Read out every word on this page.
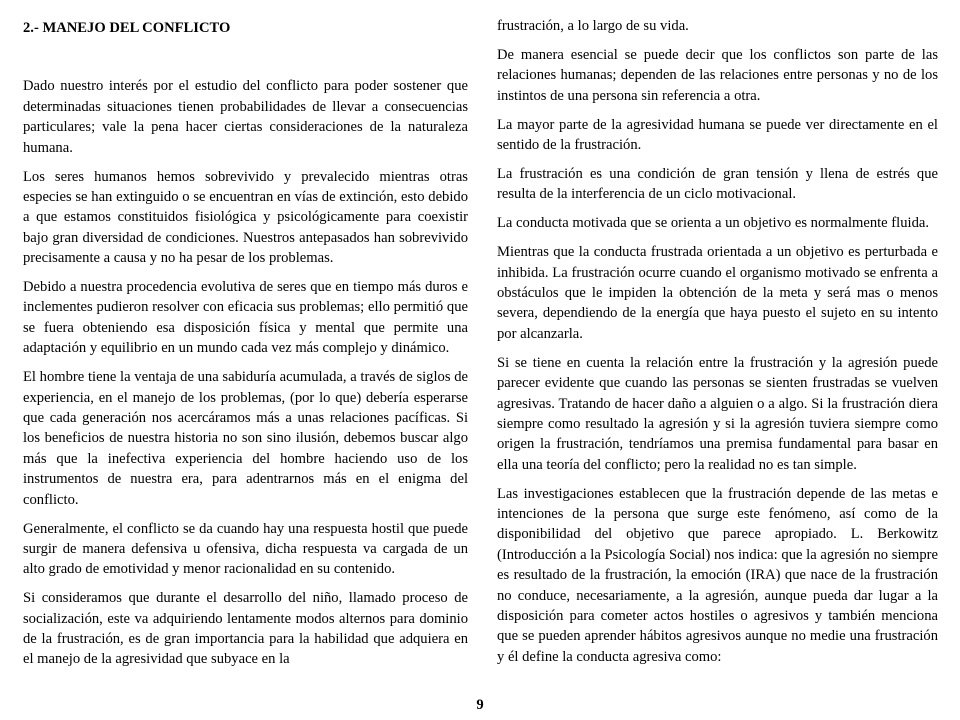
2.- MANEJO DEL CONFLICTO

Dado nuestro interés por el estudio del conflicto para poder sostener que determinadas situaciones tienen probabilidades de llevar a consecuencias particulares; vale la pena hacer ciertas consideraciones de la naturaleza humana.

Los seres humanos hemos sobrevivido y prevalecido mientras otras especies se han extinguido o se encuentran en vías de extinción, esto debido a que estamos constituidos fisiológica y psicológicamente para coexistir bajo gran diversidad de condiciones. Nuestros antepasados han sobrevivido precisamente a causa y no ha pesar de los problemas.

Debido a nuestra procedencia evolutiva de seres que en tiempo más duros e inclementes pudieron resolver con eficacia sus problemas; ello permitió que se fuera obteniendo esa disposición física y mental que permite una adaptación y equilibrio en un mundo cada vez más complejo y dinámico.

El hombre tiene la ventaja de una sabiduría acumulada, a través de siglos de experiencia, en el manejo de los problemas, (por lo que) debería esperarse que cada generación nos acercáramos más a unas relaciones pacíficas. Si los beneficios de nuestra historia no son sino ilusión, debemos buscar algo más que la inefectiva experiencia del hombre haciendo uso de los instrumentos de nuestra era, para adentrarnos más en el enigma del conflicto.

Generalmente, el conflicto se da cuando hay una respuesta hostil que puede surgir de manera defensiva u ofensiva, dicha respuesta va cargada de un alto grado de emotividad y menor racionalidad en su contenido.

Si consideramos que durante el desarrollo del niño, llamado proceso de socialización, este va adquiriendo lentamente modos alternos para dominio de la frustración, es de gran importancia para la habilidad que adquiera en el manejo de la agresividad que subyace en la

frustración, a lo largo de su vida.

De manera esencial se puede decir que los conflictos son parte de las relaciones humanas; dependen de las relaciones entre personas y no de los instintos de una persona sin referencia a otra.

La mayor parte de la agresividad humana se puede ver directamente en el sentido de la frustración.

La frustración es una condición de gran tensión y llena de estrés que resulta de la interferencia de un ciclo motivacional.

La conducta motivada que se orienta a un objetivo es normalmente fluida.

Mientras que la conducta frustrada orientada a un objetivo es perturbada e inhibida. La frustración ocurre cuando el organismo motivado se enfrenta a obstáculos que le impiden la obtención de la meta y será mas o menos severa, dependiendo de la energía que haya puesto el sujeto en su intento por alcanzarla.

Si se tiene en cuenta la relación entre la frustración y la agresión puede parecer evidente que cuando las personas se sienten frustradas se vuelven agresivas. Tratando de hacer daño a alguien o a algo. Si la frustración diera siempre como resultado la agresión y si la agresión tuviera siempre como origen la frustración, tendríamos una premisa fundamental para basar en ella una teoría del conflicto; pero la realidad no es tan simple.

Las investigaciones establecen que la frustración depende de las metas e intenciones de la persona que surge este fenómeno, así como de la disponibilidad del objetivo que parece apropiado. L. Berkowitz (Introducción a la Psicología Social) nos indica: que la agresión no siempre es resultado de la frustración, la emoción (IRA) que nace de la frustración no conduce, necesariamente, a la agresión, aunque pueda dar lugar a la disposición para cometer actos hostiles o agresivos y también menciona que se pueden aprender hábitos agresivos aunque no medie una frustración y él define la conducta agresiva como:

9
